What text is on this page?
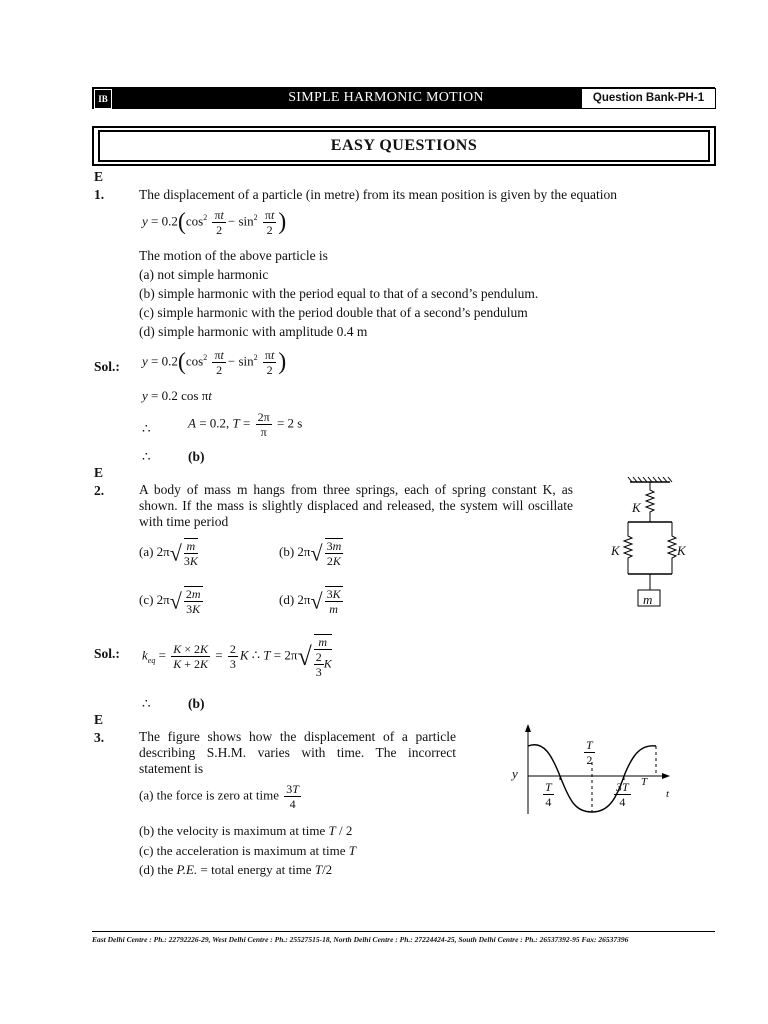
IB	SIMPLE HARMONIC MOTION	Question Bank-PH-1
EASY QUESTIONS
E
1.	The displacement of a particle (in metre) from its mean position is given by the equation
$y = 0.2(\cos^2 \frac{\pi t}{2} - \sin^2 \frac{\pi t}{2}$ )
The motion of the above particle is
(a) not simple harmonic
(b) simple harmonic with the period equal to that of a second’s pendulum.
(c) simple harmonic with the period double that of a second’s pendulum
(d) simple harmonic with amplitude 0.4 m
Sol.: $y = 0.2(\cos^2 \frac{\pi t}{2} - \sin^2 \frac{\pi t}{2}$ )
y = 0.2 cos πt
∴	A = 0.2, $T = \frac{2\pi}{\pi} = 2$ s
∴	(b)
E
2.	A body of mass m hangs from three springs, each of spring constant K, as shown. If the mass is slightly displaced and released, the system will oscillate with time period
(a) $2\pi√ \frac{m}{3K}$	(b) $2\pi√ \frac{3m}{2K}$
(c) $2\pi√ \frac{2m}{3K}$	(d) $2\pi√ \frac{3K}{m}$
Sol.: $k_{eq} = \frac{K \times 2K}{K + 2K} = \frac{2}{3}$ K ∴ $T = 2\pi√ \frac{m}{\frac{2}{3} K}$
∴	(b)
K
K	K
m
E
3.	The figure shows how the displacement of a particle describing S.H.M. varies with time. The incorrect statement is
(a) the force is zero at time $\frac{3T}{4}$
(b) the velocity is maximum at time T / 2
(c) the acceleration is maximum at time T
(d) the P.E. = total energy at time T/2
y
t
T
$\frac{T}{2}$
$\frac{T}{4}$	$\frac{3T}{4}$
East Delhi Centre : Ph.: 22792226-29, West Delhi Centre : Ph.: 25527515-18, North Delhi Centre : Ph.: 27224424-25, South Delhi Centre : Ph.: 26537392-95 Fax: 26537396
